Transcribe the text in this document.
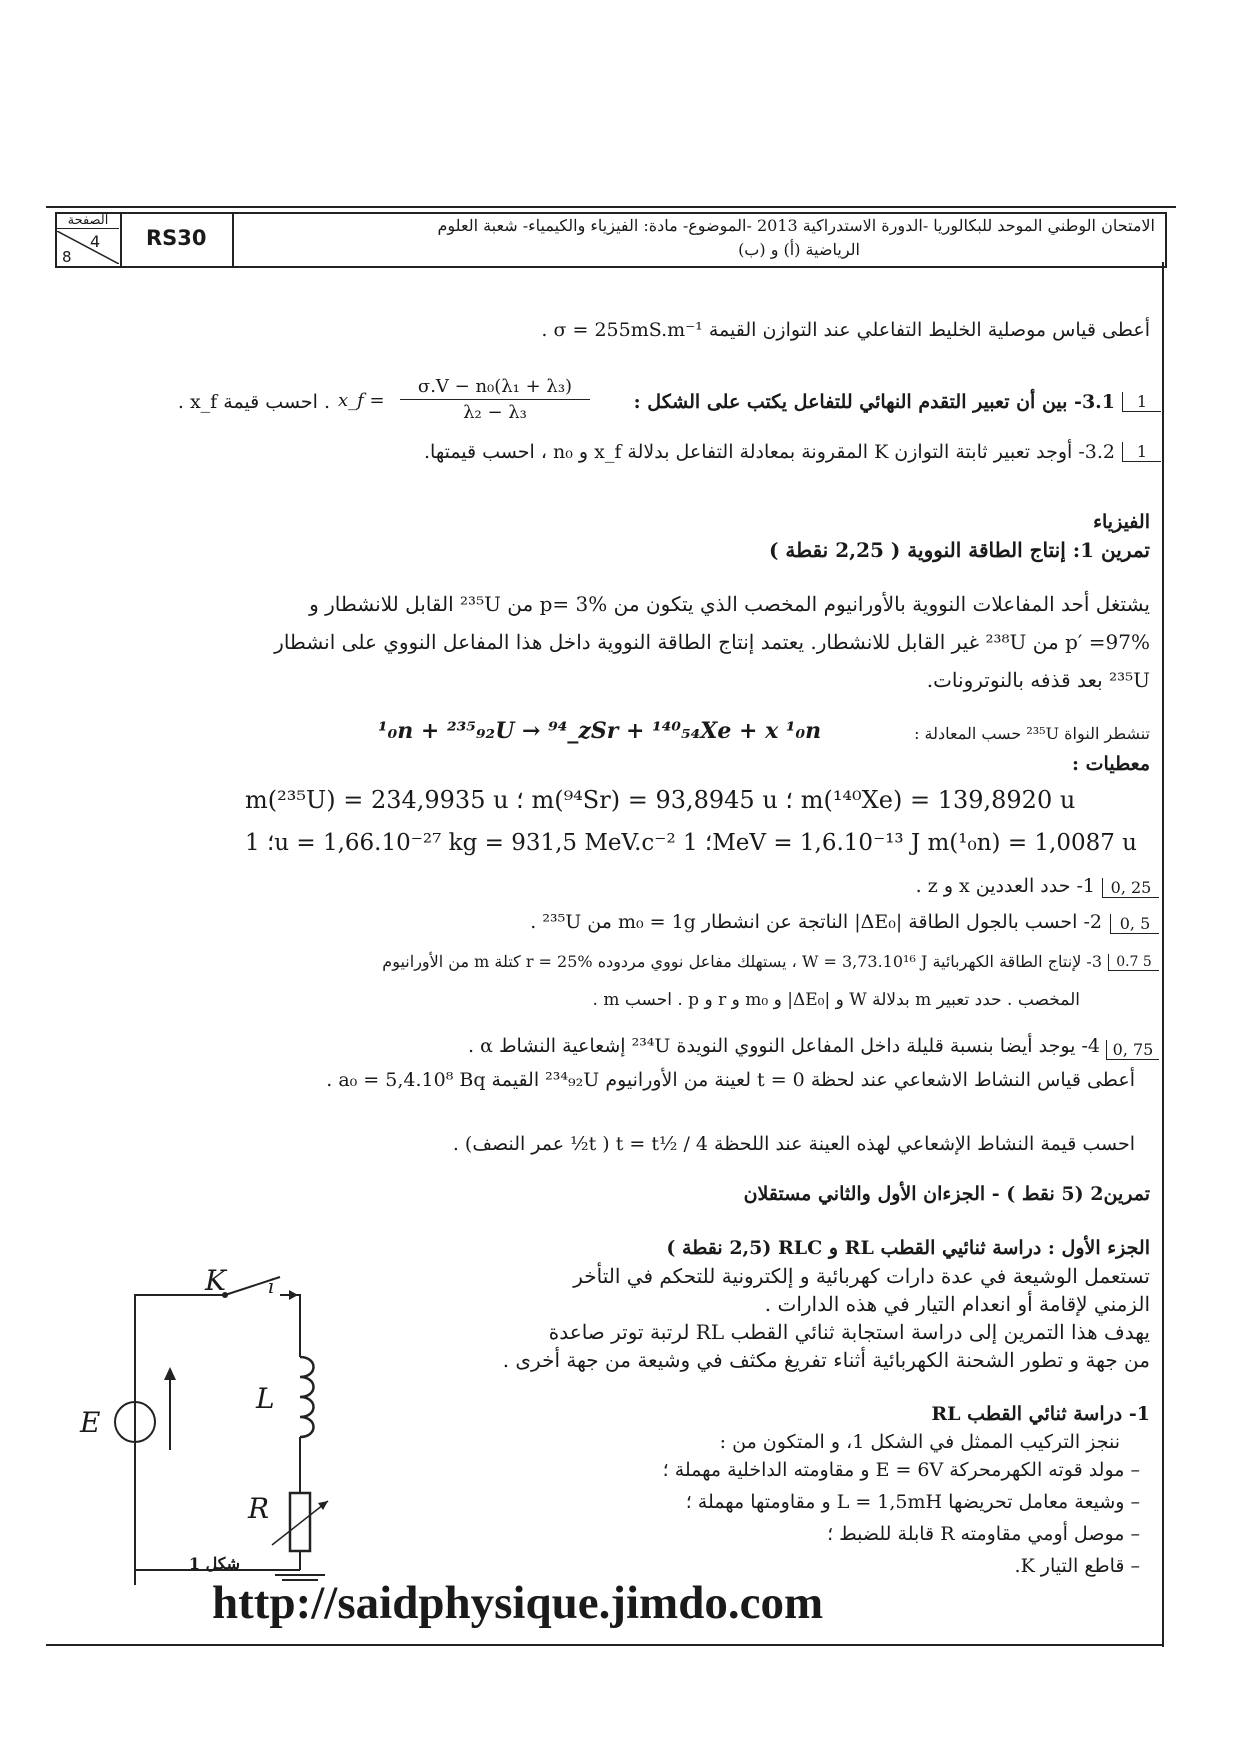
الصفحة
4
8
RS30
الامتحان الوطني الموحد للبكالوريا -الدورة الاستدراكية 2013 -الموضوع- مادة: الفيزياء والكيمياء- شعبة العلوم
الرياضية (أ) و (ب)
أعطى قياس موصلية الخليط التفاعلي عند التوازن القيمة σ = 255mS.m⁻¹ .
1
3.1- بين أن تعبير التقدم النهائي للتفاعل يكتب على الشكل :
$\frac{\text{σ.V − n₀(λ₁ + λ₃)}}{\text{λ₂ − λ₃}}$
x_f =
. احسب قيمة x_f .
1
3.2- أوجد تعبير ثابتة التوازن K المقرونة بمعادلة التفاعل بدلالة x_f و n₀ ، احسب قيمتها.
الفيزياء
تمرين 1: إنتاج الطاقة النووية ( 2,25 نقطة )
يشتغل أحد المفاعلات النووية بالأورانيوم المخصب الذي يتكون من p= 3% من ²³⁵U القابل للانشطار و
p′ =97% من ²³⁸U غير القابل للانشطار. يعتمد إنتاج الطاقة النووية داخل هذا المفاعل النووي على انشطار
²³⁵U بعد قذفه بالنوترونات.
تنشطر النواة ²³⁵U حسب المعادلة :
¹₀n + ²³⁵₉₂U → ⁹⁴_zSr + ¹⁴⁰₅₄Xe + x ¹₀n
معطيات :
m(²³⁵U) = 234,9935 u ؛ m(⁹⁴Sr) = 93,8945 u ؛ m(¹⁴⁰Xe) = 139,8920 u
؛ 1u = 1,66.10⁻²⁷ kg = 931,5 MeV.c⁻² ؛ 1MeV = 1,6.10⁻¹³ J m(¹₀n) = 1,0087 u
0, 25
1- حدد العددين x و z .
0, 5
2- احسب بالجول الطاقة |ΔE₀| الناتجة عن انشطار m₀ = 1g من ²³⁵U .
0.7 5
3- لإنتاج الطاقة الكهربائية W = 3,73.10¹⁶ J ، يستهلك مفاعل نووي مردوده r = 25% كتلة m من الأورانيوم
المخصب . حدد تعبير m بدلالة W و |ΔE₀| و m₀ و r و p . احسب m .
0, 75
4- يوجد أيضا بنسبة قليلة داخل المفاعل النووي النويدة ²³⁴U إشعاعية النشاط α .
أعطى قياس النشاط الاشعاعي عند لحظة t = 0 لعينة من الأورانيوم ²³⁴₉₂U القيمة a₀ = 5,4.10⁸ Bq .
احسب قيمة النشاط الإشعاعي لهذه العينة عند اللحظة t = t½ / 4 ( t½ عمر النصف) .
تمرين2 (5 نقط ) - الجزءان الأول والثاني مستقلان
الجزء الأول : دراسة ثنائيي القطب RL و RLC (2,5 نقطة )
تستعمل الوشيعة في عدة دارات كهربائية و إلكترونية للتحكم في التأخر
الزمني لإقامة أو انعدام التيار في هذه الدارات .
يهدف هذا التمرين إلى دراسة استجابة ثنائي القطب RL لرتبة توتر صاعدة
من جهة و تطور الشحنة الكهربائية أثناء تفريغ مكثف في وشيعة من جهة أخرى .
1- دراسة ثنائي القطب RL
ننجز التركيب الممثل في الشكل 1، و المتكون من :
– مولد قوته الكهرمحركة E = 6V و مقاومته الداخلية مهملة ؛
– وشيعة معامل تحريضها L = 1,5mH و مقاومتها مهملة ؛
– موصل أومي مقاومته R قابلة للضبط ؛
– قاطع التيار K.
K i
L
E
R
شكل 1
http://saidphysique.jimdo.com
